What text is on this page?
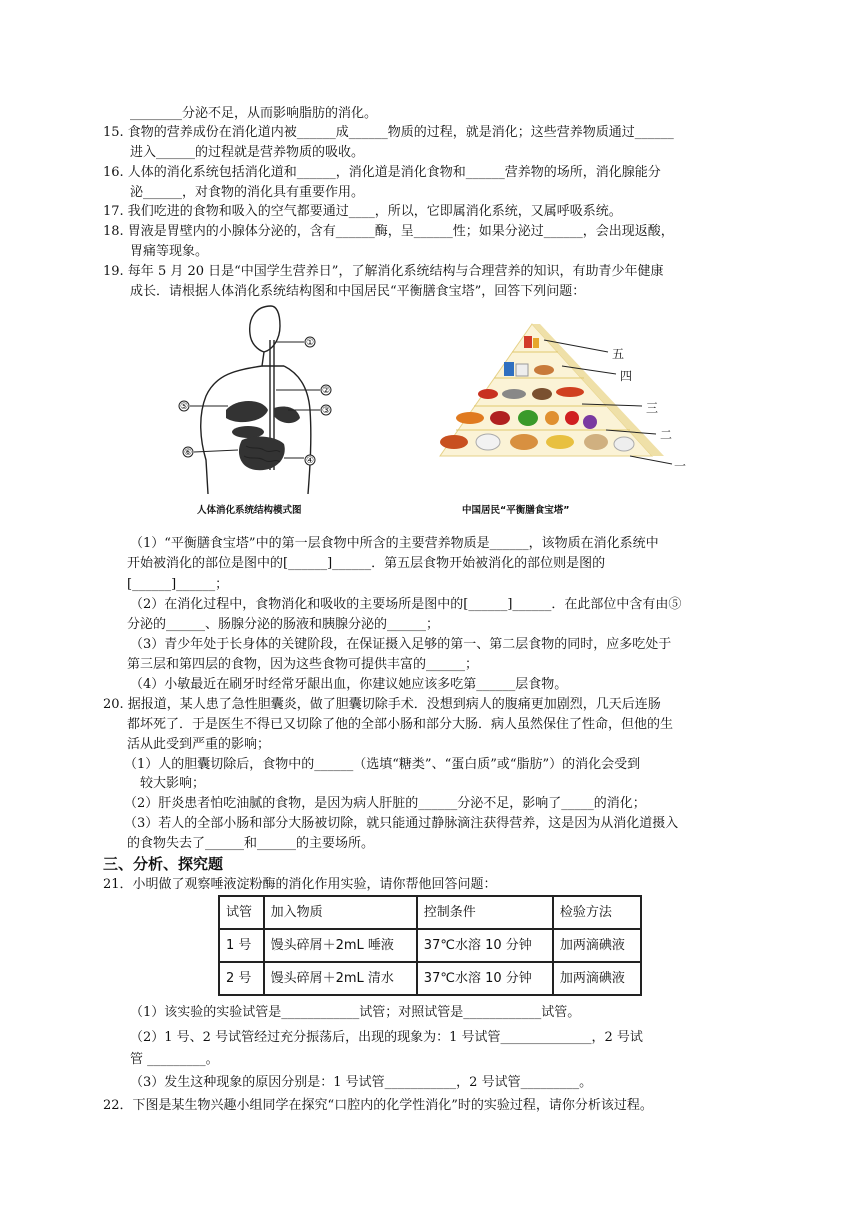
________分泌不足，从而影响脂肪的消化。
15. 食物的营养成份在消化道内被______成______物质的过程，就是消化；这些营养物质通过______
进入______的过程就是营养物质的吸收。
16. 人体的消化系统包括消化道和______，消化道是消化食物和______营养物的场所，消化腺能分
泌______，对食物的消化具有重要作用。
17. 我们吃进的食物和吸入的空气都要通过____，所以，它即属消化系统，又属呼吸系统。
18. 胃液是胃壁内的小腺体分泌的，含有______酶，呈______性；如果分泌过______，会出现返酸，
胃痛等现象。
19. 每年 5 月 20 日是“中国学生营养日”，了解消化系统结构与合理营养的知识，有助青少年健康
成长．请根据人体消化系统结构图和中国居民“平衡膳食宝塔”，回答下列问题：
①
②
③
④
⑤
⑥
人体消化系统结构模式图
五
四
三
二
一
中国居民“平衡膳食宝塔”
（1）“平衡膳食宝塔”中的第一层食物中所含的主要营养物质是______，该物质在消化系统中
开始被消化的部位是图中的[______]______．第五层食物开始被消化的部位则是图的
[______]______；
（2）在消化过程中，食物消化和吸收的主要场所是图中的[______]______．在此部位中含有由⑤
分泌的______、肠腺分泌的肠液和胰腺分泌的______；
（3）青少年处于长身体的关键阶段，在保证摄入足够的第一、第二层食物的同时，应多吃处于
第三层和第四层的食物，因为这些食物可提供丰富的______；
（4）小敏最近在刷牙时经常牙龈出血，你建议她应该多吃第______层食物。
20. 据报道，某人患了急性胆囊炎，做了胆囊切除手术．没想到病人的腹痛更加剧烈，几天后连肠
都坏死了．于是医生不得已又切除了他的全部小肠和部分大肠．病人虽然保住了性命，但他的生
活从此受到严重的影响；
（1）人的胆囊切除后，食物中的______（选填“糖类”、“蛋白质”或“脂肪”）的消化会受到
较大影响；
（2）肝炎患者怕吃油腻的食物，是因为病人肝脏的______分泌不足，影响了_____的消化；
（3）若人的全部小肠和部分大肠被切除，就只能通过静脉滴注获得营养，这是因为从消化道摄入
的食物失去了______和______的主要场所。
三、分析、探究题
21．小明做了观察唾液淀粉酶的消化作用实验，请你帮他回答问题：
试管	加入物质	控制条件	检验方法
1 号	馒头碎屑＋2mL 唾液	37℃水溶 10 分钟	加两滴碘液
2 号	馒头碎屑＋2mL 清水	37℃水溶 10 分钟	加两滴碘液
（1）该实验的实验试管是____________试管；对照试管是____________试管。
（2）1 号、2 号试管经过充分振荡后，出现的现象为：1 号试管______________，2 号试
管 _________。
（3）发生这种现象的原因分别是：1 号试管___________，2 号试管_________。
22．下图是某生物兴趣小组同学在探究“口腔内的化学性消化”时的实验过程，请你分析该过程。
